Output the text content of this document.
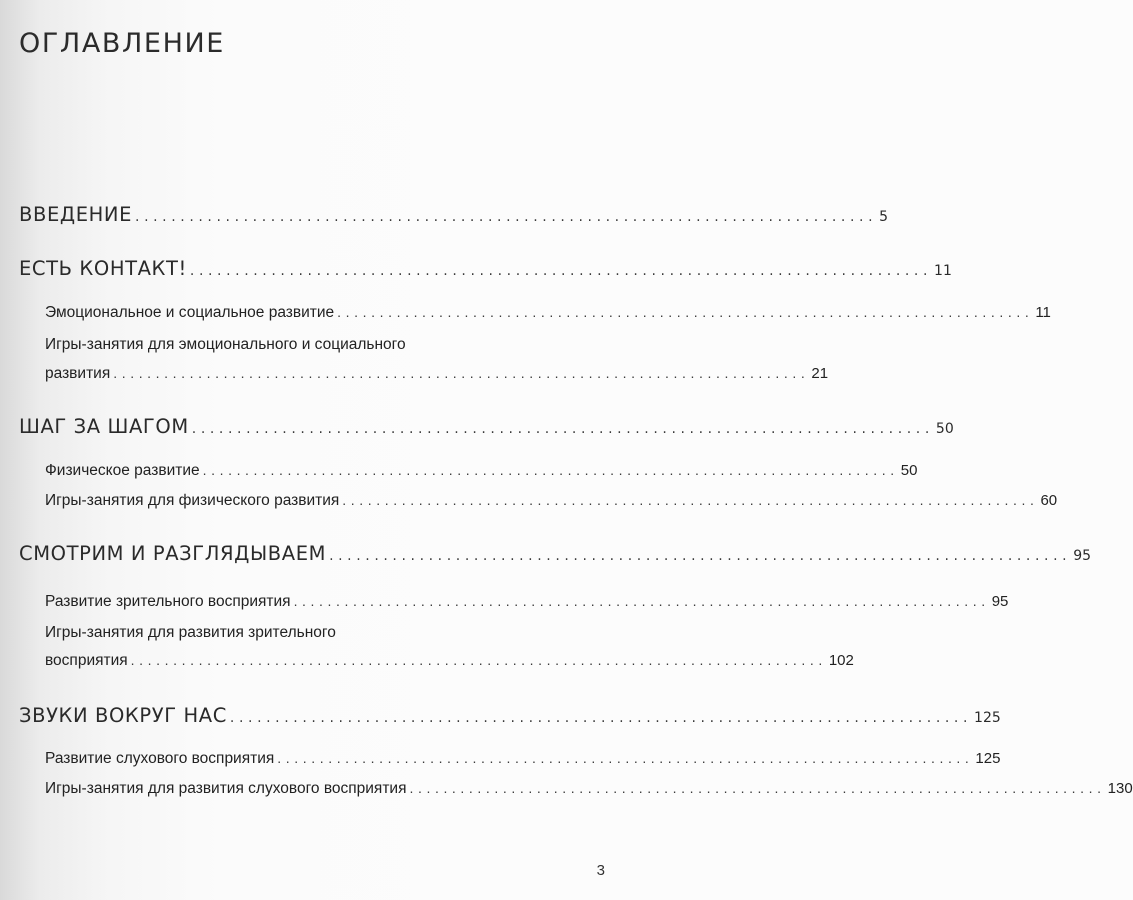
ОГЛАВЛЕНИЕ
ВВЕДЕНИЕ .................................................................................. 5
ЕСТЬ КОНТАКТ! .................................................................................. 11
Эмоциональное и социальное развитие .................................................................................. 11
Игры-занятия для эмоционального и социального
развития .................................................................................. 21
ШАГ ЗА ШАГОМ .................................................................................. 50
Физическое развитие .................................................................................. 50
Игры-занятия для физического развития .................................................................................. 60
СМОТРИМ И РАЗГЛЯДЫВАЕМ .................................................................................. 95
Развитие зрительного восприятия .................................................................................. 95
Игры-занятия для развития зрительного
восприятия .................................................................................. 102
ЗВУКИ ВОКРУГ НАС .................................................................................. 125
Развитие слухового восприятия .................................................................................. 125
Игры-занятия для развития слухового восприятия .................................................................................. 130
3
